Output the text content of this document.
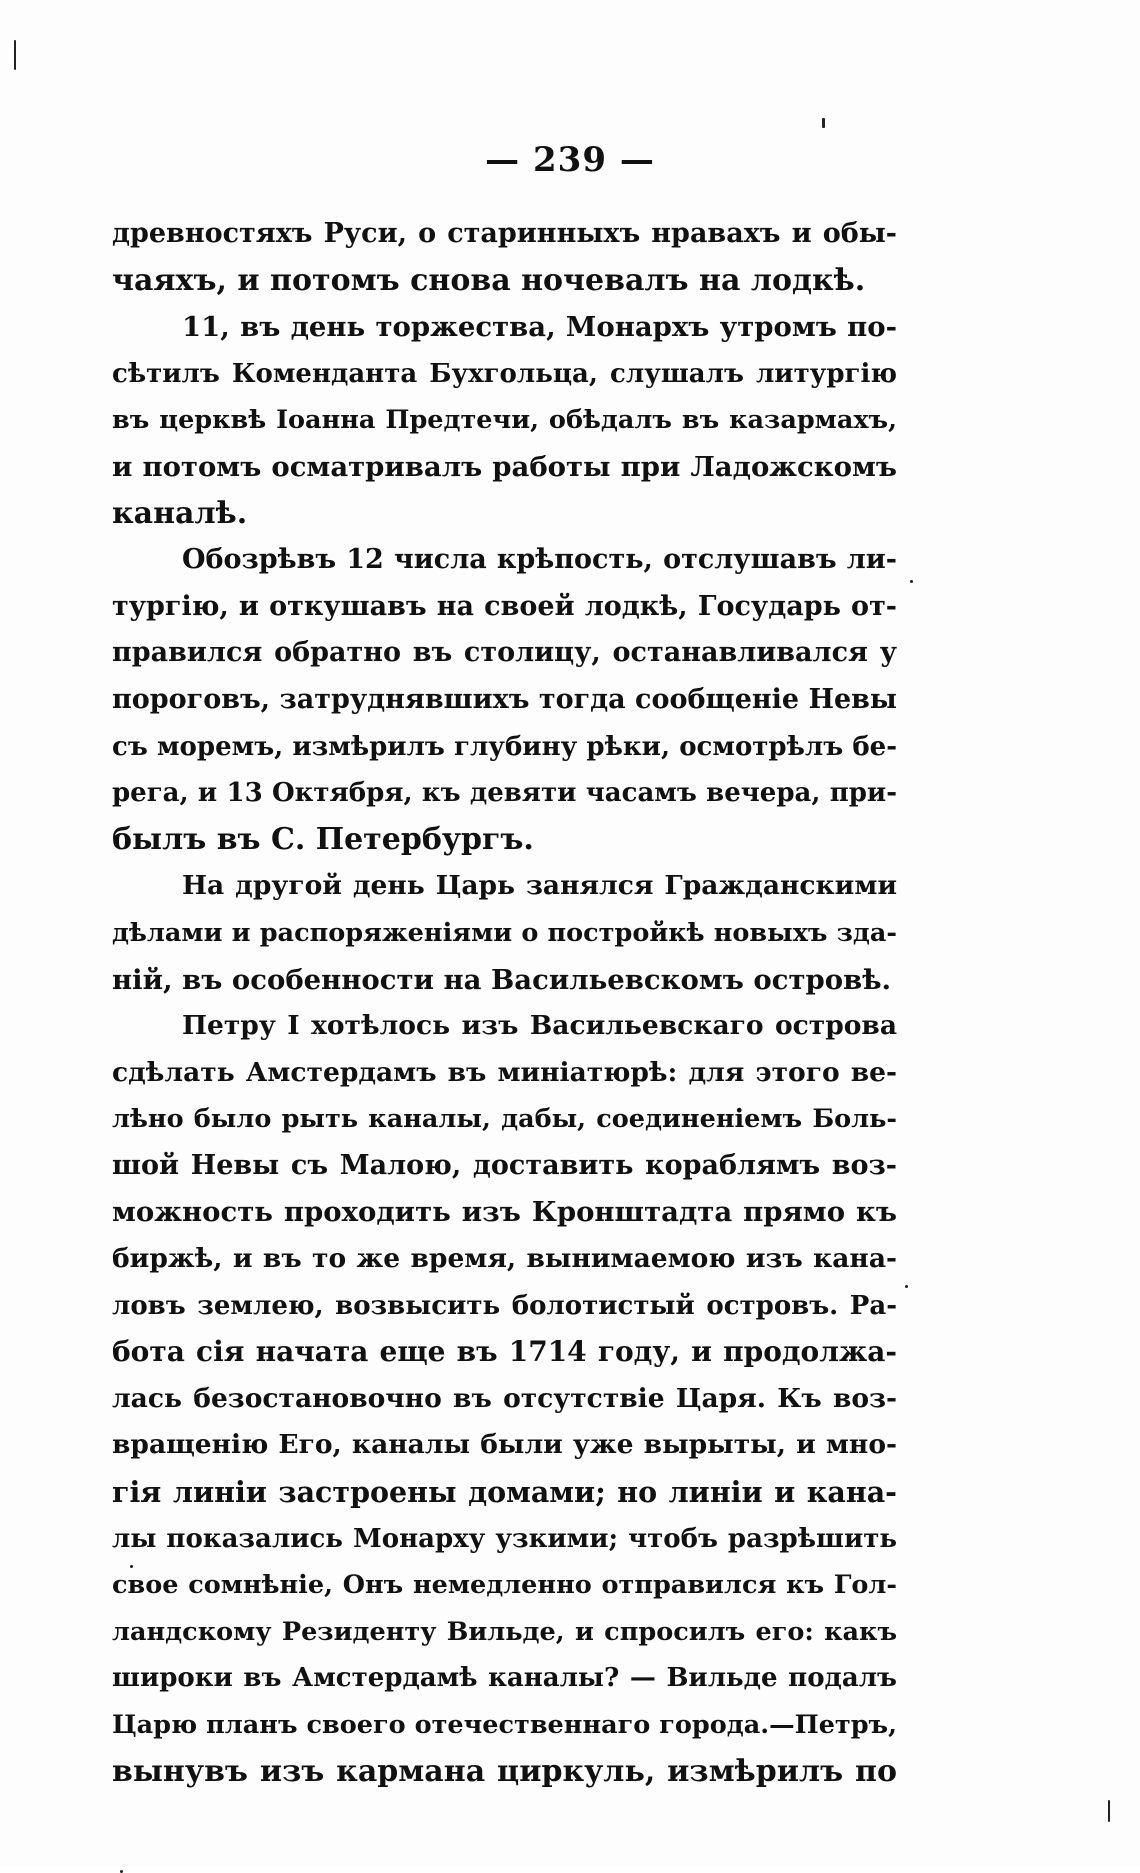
— 239 —
древностяхъ Руси, о старинныхъ нравахъ и обы-
чаяхъ, и потомъ снова ночевалъ на лодкѣ.
11, въ день торжества, Монархъ утромъ по-
сѣтилъ Коменданта Бухгольца, слушалъ литургію
въ церквѣ Іоанна Предтечи, обѣдалъ въ казармахъ,
и потомъ осматривалъ работы при Ладожскомъ
каналѣ.
Обозрѣвъ 12 числа крѣпость, отслушавъ ли-
тургію, и откушавъ на своей лодкѣ, Государь от-
правился обратно въ столицу, останавливался у
пороговъ, затруднявшихъ тогда сообщеніе Невы
съ моремъ, измѣрилъ глубину рѣки, осмотрѣлъ бе-
рега, и 13 Октября, къ девяти часамъ вечера, при-
былъ въ С. Петербургъ.
На другой день Царь занялся Гражданскими
дѣлами и распоряженіями о постройкѣ новыхъ зда-
ній, въ особенности на Васильевскомъ островѣ.
Петру I хотѣлось изъ Васильевскаго острова
сдѣлать Амстердамъ въ миніатюрѣ: для этого ве-
лѣно было рыть каналы, дабы, соединеніемъ Боль-
шой Невы съ Малою, доставить кораблямъ воз-
можность проходить изъ Кронштадта прямо къ
биржѣ, и въ то же время, вынимаемою изъ кана-
ловъ землею, возвысить болотистый островъ. Ра-
бота сія начата еще въ 1714 году, и продолжа-
лась безостановочно въ отсутствіе Царя. Къ воз-
вращенію Его, каналы были уже вырыты, и мно-
гія линіи застроены домами; но линіи и кана-
лы показались Монарху узкими; чтобъ разрѣшить
свое сомнѣніе, Онъ немедленно отправился къ Гол-
ландскому Резиденту Вильде, и спросилъ его: какъ
широки въ Амстердамѣ каналы? — Вильде подалъ
Царю планъ своего отечественнаго города.—Петръ,
вынувъ изъ кармана циркуль, измѣрилъ по
